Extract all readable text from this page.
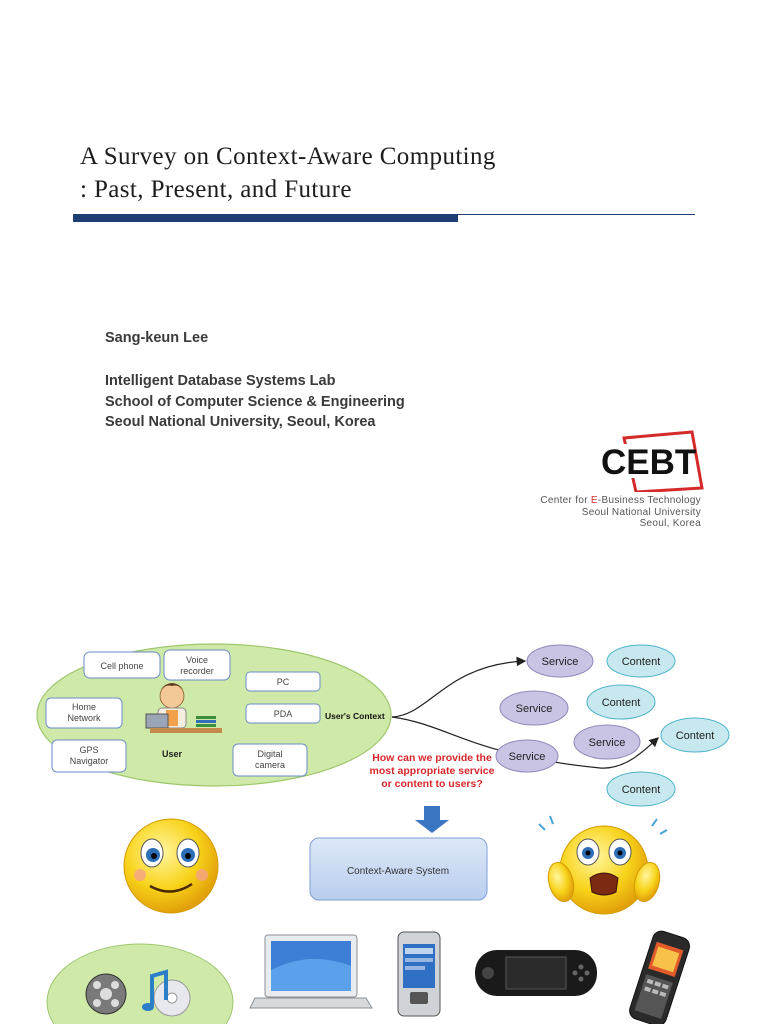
A Survey on Context-Aware Computing
: Past, Present, and Future
Sang-keun Lee
Intelligent Database Systems Lab
School of Computer Science & Engineering
Seoul National University, Seoul, Korea
CEBT
Center for E-Business Technology
Seoul National University
Seoul, Korea
Cell phone
Voice
recorder
PC
PDA
Home
Network
GPS
Navigator
Digital
camera
User
User's Context
Service	Content
Service	Content
Content
Service
Service
Content
How can we provide the
most appropriate service
or content to users?
Context-Aware System
